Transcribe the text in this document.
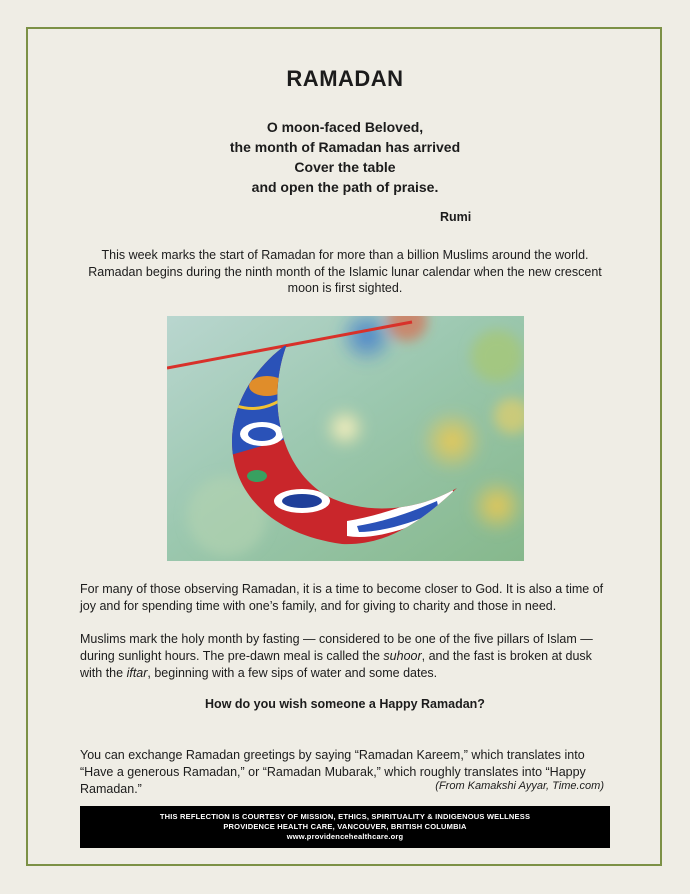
RAMADAN
O moon-faced Beloved,
the month of Ramadan has arrived
Cover the table
and open the path of praise.
Rumi
This week marks the start of Ramadan for more than a billion Muslims around the world. Ramadan begins during the ninth month of the Islamic lunar calendar when the new crescent moon is first sighted.
For many of those observing Ramadan, it is a time to become closer to God. It is also a time of joy and for spending time with one’s family, and for giving to charity and those in need.
Muslims mark the holy month by fasting — considered to be one of the five pillars of Islam — during sunlight hours. The pre-dawn meal is called the suhoor, and the fast is broken at dusk with the iftar, beginning with a few sips of water and some dates.
How do you wish someone a Happy Ramadan?
You can exchange Ramadan greetings by saying “Ramadan Kareem,” which translates into “Have a generous Ramadan,” or “Ramadan Mubarak,” which roughly translates into “Happy Ramadan.”	(From Kamakshi Ayyar, Time.com)
THIS REFLECTION IS COURTESY OF MISSION, ETHICS, SPIRITUALITY & INDIGENOUS WELLNESS
PROVIDENCE HEALTH CARE, VANCOUVER, BRITISH COLUMBIA
www.providencehealthcare.org
